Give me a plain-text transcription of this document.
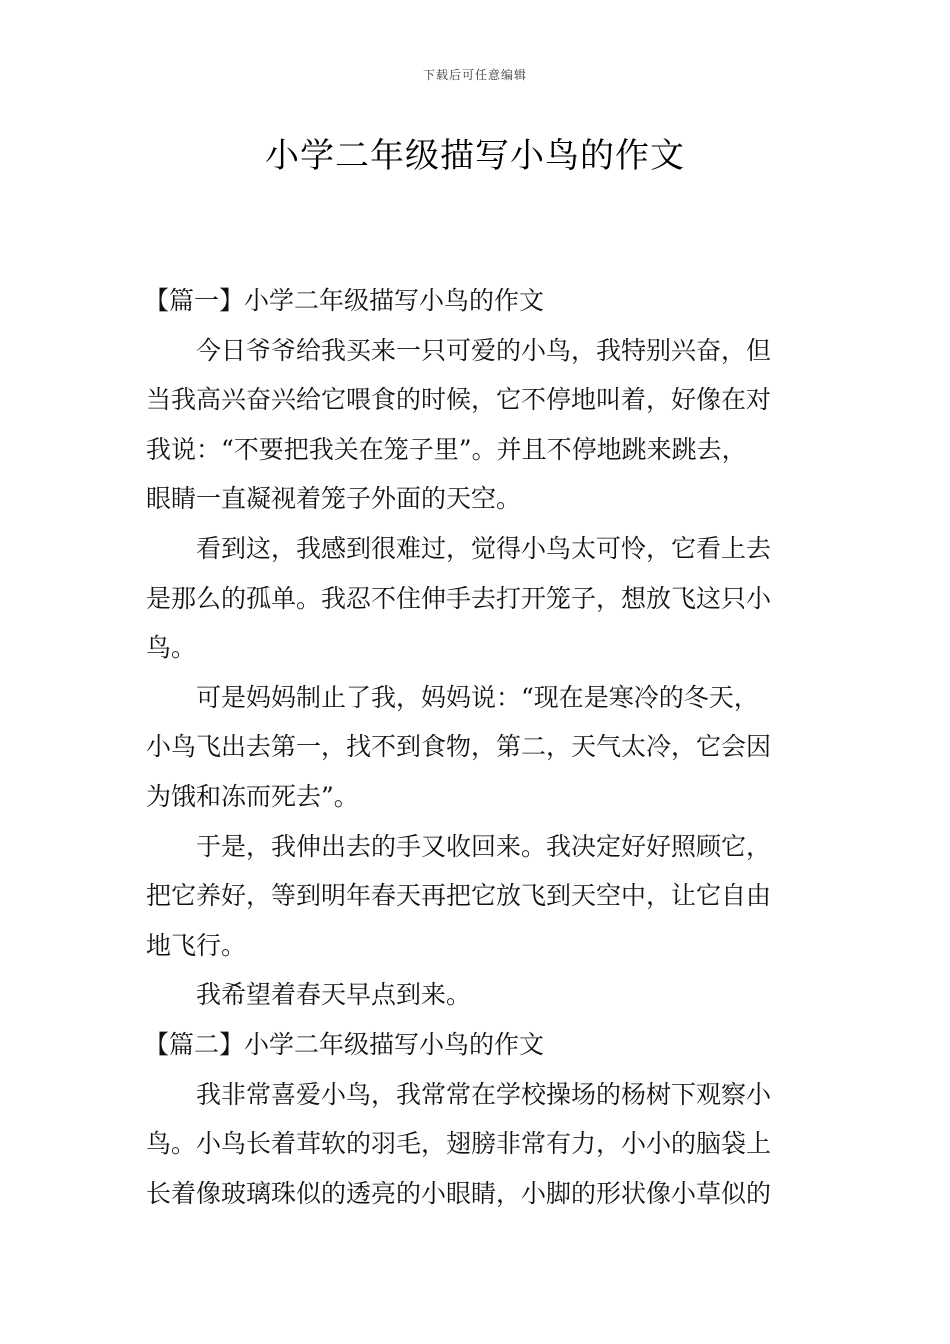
下载后可任意编辑
小学二年级描写小鸟的作文
【篇一】小学二年级描写小鸟的作文
今日爷爷给我买来一只可爱的小鸟，我特别兴奋，但
当我高兴奋兴给它喂食的时候，它不停地叫着，好像在对
我说：“不要把我关在笼子里”。并且不停地跳来跳去，
眼睛一直凝视着笼子外面的天空。
看到这，我感到很难过，觉得小鸟太可怜，它看上去
是那么的孤单。我忍不住伸手去打开笼子，想放飞这只小
鸟。
可是妈妈制止了我，妈妈说：“现在是寒冷的冬天，
小鸟飞出去第一，找不到食物，第二，天气太冷，它会因
为饿和冻而死去”。
于是，我伸出去的手又收回来。我决定好好照顾它，
把它养好，等到明年春天再把它放飞到天空中，让它自由
地飞行。
我希望着春天早点到来。
【篇二】小学二年级描写小鸟的作文
我非常喜爱小鸟，我常常在学校操场的杨树下观察小
鸟。小鸟长着茸软的羽毛，翅膀非常有力，小小的脑袋上
长着像玻璃珠似的透亮的小眼睛，小脚的形状像小草似的
